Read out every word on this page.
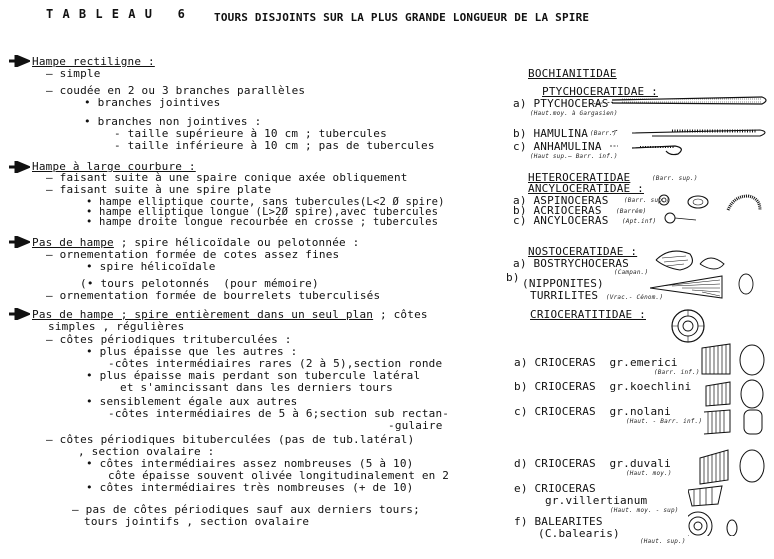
T A B L E A U   6	TOURS DISJOINTS SUR LA PLUS GRANDE LONGUEUR DE LA SPIRE
Hampe rectiligne :
— simple
— coudée en 2 ou 3 branches parallèles
• branches jointives
• branches non jointives :
- taille supérieure à 10 cm ; tubercules
- taille inférieure à 10 cm ; pas de tubercules
Hampe à large courbure :
— faisant suite à une spaire conique axée obliquement
— faisant suite à une spire plate
• hampe elliptique courte, sans tubercules(L<2 Ø spire)
• hampe elliptique longue (L>2Ø spire),avec tubercules
• hampe droite longue recourbée en crosse ; tubercules
Pas de hampe ; spire hélicoïdale ou pelotonnée :
— ornementation formée de cotes assez fines
• spire hélicoïdale
(• tours pelotonnés  (pour mémoire)
— ornementation formée de bourrelets tuberculisés
Pas de hampe ; spire entièrement dans un seul plan ; côtes
simples , régulières
— côtes périodiques trituberculées :
• plus épaisse que les autres :
-côtes intermédiaires rares (2 à 5),section ronde
• plus épaisse mais perdant son tubercule latéral
et s'amincissant dans les derniers tours
• sensiblement égale aux autres
-côtes intermédiaires de 5 à 6;section sub rectan-
-gulaire
— côtes périodiques bituberculées (pas de tub.latéral)
, section ovalaire :
• côtes intermédiaires assez nombreuses (5 à 10)
côte épaisse souvent olivée longitudinalement en 2
• côtes intermédiaires très nombreuses (+ de 10)
— pas de côtes périodiques sauf aux derniers tours;
tours jointifs , section ovalaire
BOCHIANITIDAE
PTYCHOCERATIDAE :
a) PTYCHOCERAS
(Haut.moy. à Gargasien)
b) HAMULINA (Barr.)
c) ANHAMULINA
(Haut sup.– Barr. inf.)
HETEROCERATIDAE	(Barr. sup.)
ANCYLOCERATIDAE :
a) ASPINOCERAS	(Barr. sup.)
b) ACRIOCERAS (Barrém)
c) ANCYLOCERAS (Apt.inf)
NOSTOCERATIDAE :
a) BOSTRYCHOCERAS
(Campan.)
b) (NIPPONITES)
TURRILITES (Vrac.- Cénom.)
CRIOCERATITIDAE :
a) CRIOCERAS  gr.emerici
(Barr. inf.)
b) CRIOCERAS  gr.koechlini
c) CRIOCERAS  gr.nolani
(Haut. - Barr. inf.)
d) CRIOCERAS  gr.duvali
(Haut. moy.)
e) CRIOCERAS
gr.villertianum
(Haut. moy. - sup)
f) BALEARITES
(C.balearis)
(Haut. sup.)
